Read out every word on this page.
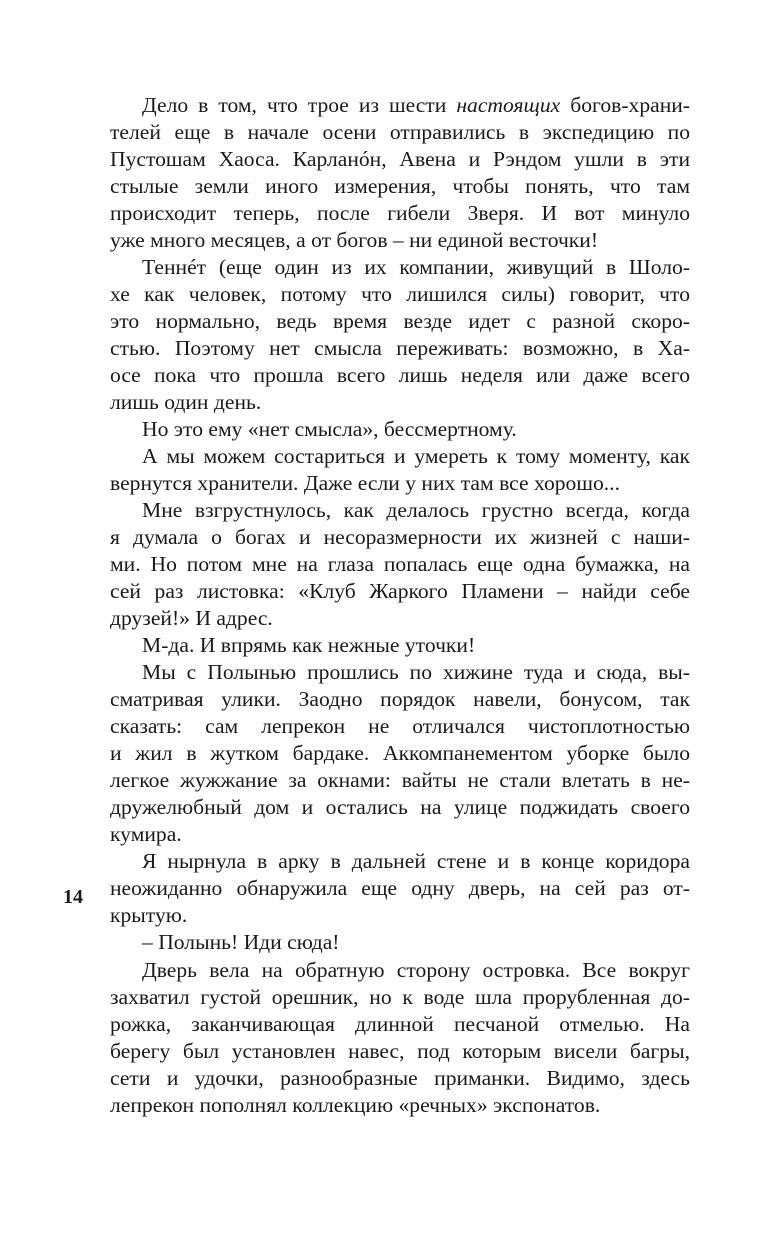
Дело в том, что трое из шести настоящих богов-храни-
телей еще в начале осени отправились в экспедицию по
Пустошам Хаоса. Карланóн, Авена и Рэндом ушли в эти
стылые земли иного измерения, чтобы понять, что там
происходит теперь, после гибели Зверя. И вот минуло
уже много месяцев, а от богов – ни единой весточки!
Теннéт (еще один из их компании, живущий в Шоло-
хе как человек, потому что лишился силы) говорит, что
это нормально, ведь время везде идет с разной скоро-
стью. Поэтому нет смысла переживать: возможно, в Ха-
осе пока что прошла всего лишь неделя или даже всего
лишь один день.
Но это ему «нет смысла», бессмертному.
А мы можем состариться и умереть к тому моменту, как
вернутся хранители. Даже если у них там все хорошо...
Мне взгрустнулось, как делалось грустно всегда, когда
я думала о богах и несоразмерности их жизней с наши-
ми. Но потом мне на глаза попалась еще одна бумажка, на
сей раз листовка: «Клуб Жаркого Пламени – найди себе
друзей!» И адрес.
М-да. И впрямь как нежные уточки!
Мы с Полынью прошлись по хижине туда и сюда, вы-
сматривая улики. Заодно порядок навели, бонусом, так
сказать: сам лепрекон не отличался чистоплотностью
и жил в жутком бардаке. Аккомпанементом уборке было
легкое жужжание за окнами: вайты не стали влетать в не-
дружелюбный дом и остались на улице поджидать своего
кумира.
Я нырнула в арку в дальней стене и в конце коридора
неожиданно обнаружила еще одну дверь, на сей раз от-
крытую.
– Полынь! Иди сюда!
Дверь вела на обратную сторону островка. Все вокруг
захватил густой орешник, но к воде шла прорубленная до-
рожка, заканчивающая длинной песчаной отмелью. На
берегу был установлен навес, под которым висели багры,
сети и удочки, разнообразные приманки. Видимо, здесь
лепрекон пополнял коллекцию «речных» экспонатов.
14
